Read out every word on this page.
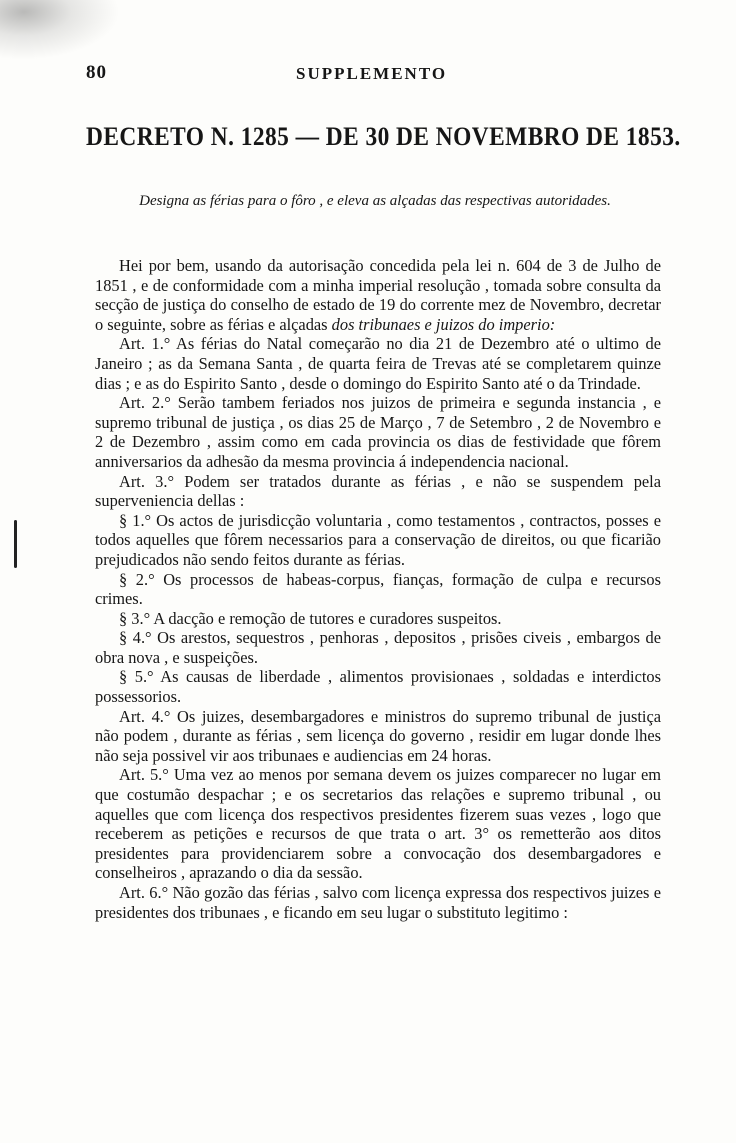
80	SUPPLEMENTO
DECRETO N. 1285 — DE 30 DE NOVEMBRO DE 1853.
Designa as férias para o fôro , e eleva as alçadas das respectivas autoridades.

Hei por bem, usando da autorisação concedida pela lei n. 604 de 3 de Julho de 1851 , e de conformidade com a minha imperial resolução , tomada sobre consulta da secção de justiça do conselho de estado de 19 do corrente mez de Novembro, decretar o seguinte, sobre as férias e alçadas dos tribunaes e juizos do imperio:

Art. 1.° As férias do Natal começarão no dia 21 de Dezembro até o ultimo de Janeiro ; as da Semana Santa , de quarta feira de Trevas até se completarem quinze dias ; e as do Espirito Santo , desde o domingo do Espirito Santo até o da Trindade.

Art. 2.° Serão tambem feriados nos juizos de primeira e segunda instancia , e supremo tribunal de justiça , os dias 25 de Março , 7 de Setembro , 2 de Novembro e 2 de Dezembro , assim como em cada provincia os dias de festividade que fôrem anniversarios da adhesão da mesma provincia á independencia nacional.

Art. 3.° Podem ser tratados durante as férias , e não se suspendem pela superveniencia dellas :

§ 1.° Os actos de jurisdicção voluntaria , como testamentos , contractos, posses e todos aquelles que fôrem necessarios para a conservação de direitos, ou que ficarião prejudicados não sendo feitos durante as férias.

§ 2.° Os processos de habeas-corpus, fianças, formação de culpa e recursos crimes.

§ 3.° A dacção e remoção de tutores e curadores suspeitos.

§ 4.° Os arestos, sequestros , penhoras , depositos , prisões civeis , embargos de obra nova , e suspeições.

§ 5.° As causas de liberdade , alimentos provisionaes , soldadas e interdictos possessorios.

Art. 4.° Os juizes, desembargadores e ministros do supremo tribunal de justiça não podem , durante as férias , sem licença do governo , residir em lugar donde lhes não seja possivel vir aos tribunaes e audiencias em 24 horas.

Art. 5.° Uma vez ao menos por semana devem os juizes comparecer no lugar em que costumão despachar ; e os secretarios das relações e supremo tribunal , ou aquelles que com licença dos respectivos presidentes fizerem suas vezes , logo que receberem as petições e recursos de que trata o art. 3° os remetterão aos ditos presidentes para providenciarem sobre a convocação dos desembargadores e conselheiros , aprazando o dia da sessão.

Art. 6.° Não gozão das férias , salvo com licença expressa dos respectivos juizes e presidentes dos tribunaes , e ficando em seu lugar o substituto legitimo :
